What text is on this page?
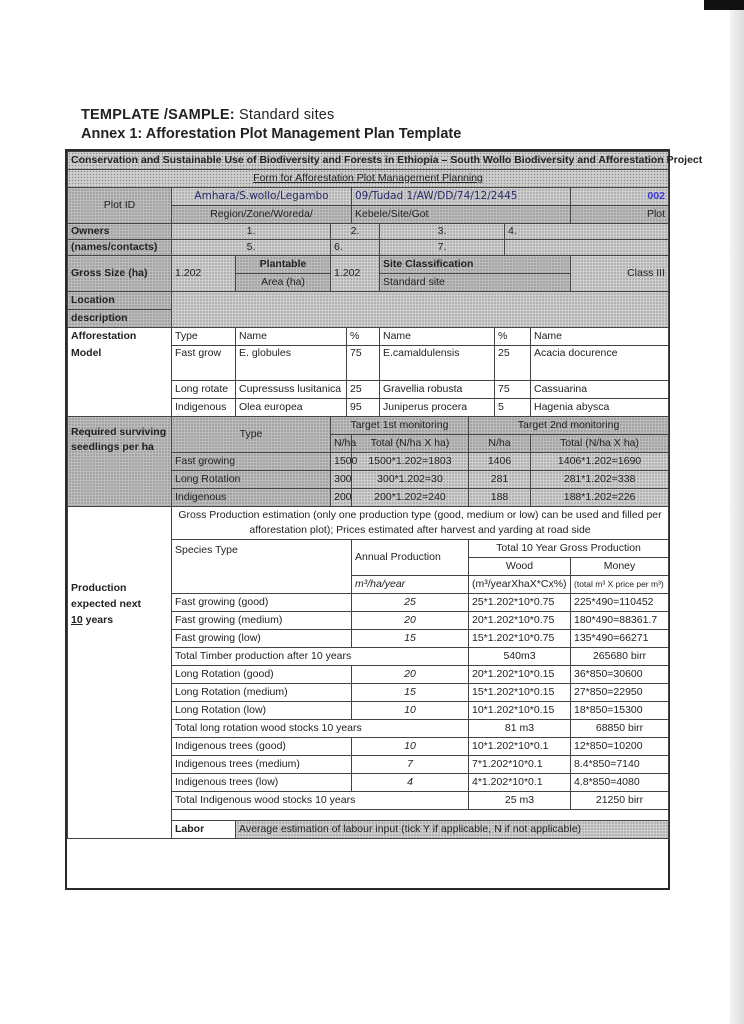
TEMPLATE /SAMPLE: Standard sites
Annex 1: Afforestation Plot Management Plan Template
Conservation and Sustainable Use of Biodiversity and Forests in Ethiopia – South Wollo Biodiversity and Afforestation Project												
Form for Afforestation Plot Management Planning												
Plot ID	Amhara/S.wollo/Legambo				09/Tudad 1/AW/DD/74/12/2445						002	
	Region/Zone/Woreda/				Kebele/Site/Got						Plot	
Owners	1.		2.			3.			4.			
(names/contacts)	5.		6.			7.						
Gross Size (ha)	1.202	Plantable	1.202			Site Classification					Class III	
		Area (ha)				Standard site						
Location												
description												
Afforestation	Type	Name		%		Name		%		Name	
Model	Fast grow	E. globules		75		E.camaldulensis		25		Acacia docurence		
	Long rotate	Cupressuss lusitanica		25		Gravellia robusta		75		Cassuarina	
	Indigenous	Olea europea		95		Juniperus procera		5		Hagenia abysca	
Required surviving seedlings per ha	Type		Target 1st monitoring				Target 2nd monitoring					
			N/ha		Total (N/ha X ha)		N/ha			Total (N/ha X ha)		
	Fast growing		1500		1500*1.202=1803		1406			1406*1.202=1690		
	Long Rotation		300		300*1.202=30		281			281*1.202=338		
	Indigenous		200		200*1.202=240		188			188*1.202=226		
Production
expected next
10 years	Gross Production estimation (only one production type (good, medium or low) can be used and filled per afforestation plot); Prices estimated after harvest and yarding at road side											
	Species Type				Annual Production		Total 10 Year Gross Production					
							Wood				Money	
					m³/ha/year		(m³/yearXhaX*Cx%)				(total m³ X price per m³)	
	Fast growing (good)				25		25*1.202*10*0.75				225*490=110452	
	Fast growing (medium)				20		20*1.202*10*0.75				180*490=88361.7	
	Fast growing (low)				15		15*1.202*10*0.75				135*490=66271	
	Total Timber production after 10 years						540m3				265680 birr	
	Long Rotation (good)				20		20*1.202*10*0.15				36*850=30600	
	Long Rotation (medium)				15		15*1.202*10*0.15				27*850=22950	
	Long Rotation (low)				10		10*1.202*10*0.15				18*850=15300	
	Total long rotation wood stocks 10 years						81 m3				68850 birr	
	Indigenous trees (good)				10		10*1.202*10*0.1				12*850=10200	
	Indigenous trees (medium)				7		7*1.202*10*0.1				8.4*850=7140	
	Indigenous trees (low)				4		4*1.202*10*0.1				4.8*850=4080	
	Total Indigenous wood stocks 10 years						25 m3				21250 birr	

	Labor	Average estimation of labour input (tick Y if applicable, N if not applicable)										
